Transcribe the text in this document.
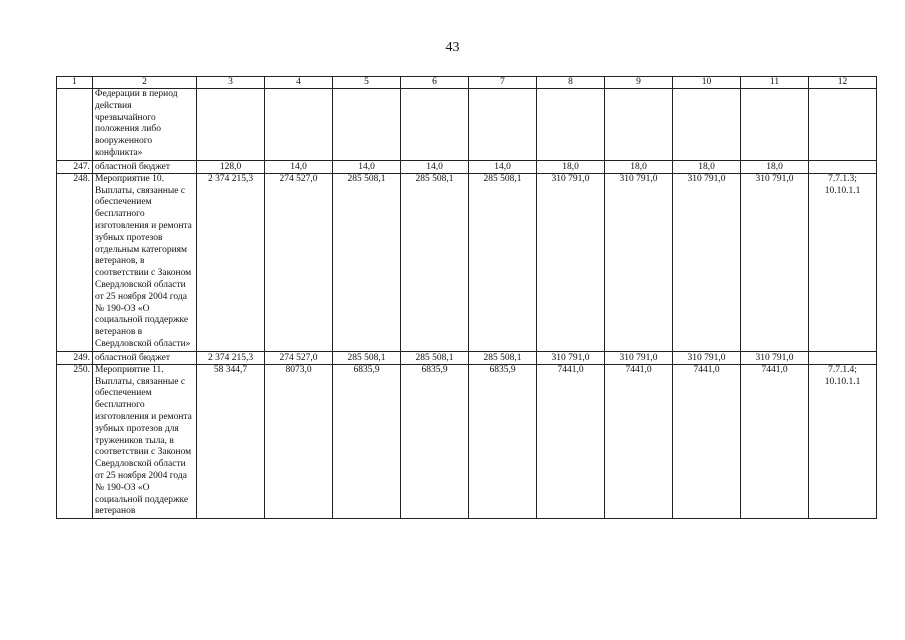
43
1	2	3	4	5	6	7	8	9	10	11	12
	Федерации в период действия чрезвычайного положения либо вооруженного конфликта»										
247.	областной бюджет	128,0	14,0	14,0	14,0	14,0	18,0	18,0	18,0	18,0	
248.	Мероприятие 10. Выплаты, связанные с обеспечением бесплатного изготовления и ремонта зубных протезов отдельным категориям ветеранов, в соответствии с Законом Свердловской области от 25 ноября 2004 года № 190-ОЗ «О социальной поддержке ветеранов в Свердловской области»	2 374 215,3	274 527,0	285 508,1	285 508,1	285 508,1	310 791,0	310 791,0	310 791,0	310 791,0	7.7.1.3; 10.10.1.1
249.	областной бюджет	2 374 215,3	274 527,0	285 508,1	285 508,1	285 508,1	310 791,0	310 791,0	310 791,0	310 791,0	
250.	Мероприятие 11. Выплаты, связанные с обеспечением бесплатного изготовления и ремонта зубных протезов для тружеников тыла, в соответствии с Законом Свердловской области от 25 ноября 2004 года № 190-ОЗ «О социальной поддержке ветеранов	58 344,7	8073,0	6835,9	6835,9	6835,9	7441,0	7441,0	7441,0	7441,0	7.7.1.4; 10.10.1.1
